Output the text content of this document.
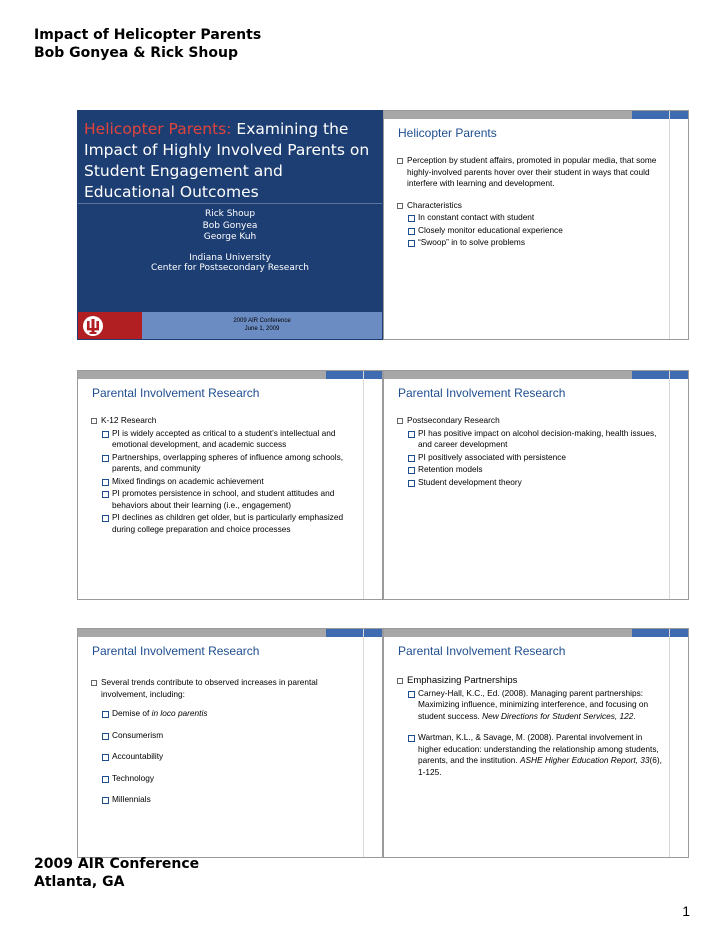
Impact of Helicopter Parents
Bob Gonyea & Rick Shoup
Helicopter Parents: Examining the Impact of Highly Involved Parents on Student Engagement and Educational Outcomes
Rick Shoup
Bob Gonyea
George Kuh
Indiana University
Center for Postsecondary Research
2009 AIR Conference
June 1, 2009
Helicopter Parents
Perception by student affairs, promoted in popular media, that some highly-involved parents hover over their student in ways that could interfere with learning and development.
Characteristics
In constant contact with student
Closely monitor educational experience
“Swoop” in to solve problems
Parental Involvement Research
K-12 Research
PI is widely accepted as critical to a student’s intellectual and emotional development, and academic success
Partnerships, overlapping spheres of influence among schools, parents, and community
Mixed findings on academic achievement
PI promotes persistence in school, and student attitudes and behaviors about their learning (i.e., engagement)
PI declines as children get older, but is particularly emphasized during college preparation and choice processes
Parental Involvement Research
Postsecondary Research
PI has positive impact on alcohol decision-making, health issues, and career development
PI positively associated with persistence
Retention models
Student development theory
Parental Involvement Research
Several trends contribute to observed increases in parental involvement, including:
Demise of in loco parentis
Consumerism
Accountability
Technology
Millennials
Parental Involvement Research
Emphasizing Partnerships
Carney-Hall, K.C., Ed. (2008). Managing parent partnerships: Maximizing influence, minimizing interference, and focusing on student success. New Directions for Student Services, 122.
Wartman, K.L., & Savage, M. (2008). Parental involvement in higher education: understanding the relationship among students, parents, and the institution. ASHE Higher Education Report, 33(6), 1-125.
2009 AIR Conference
Atlanta, GA
1
